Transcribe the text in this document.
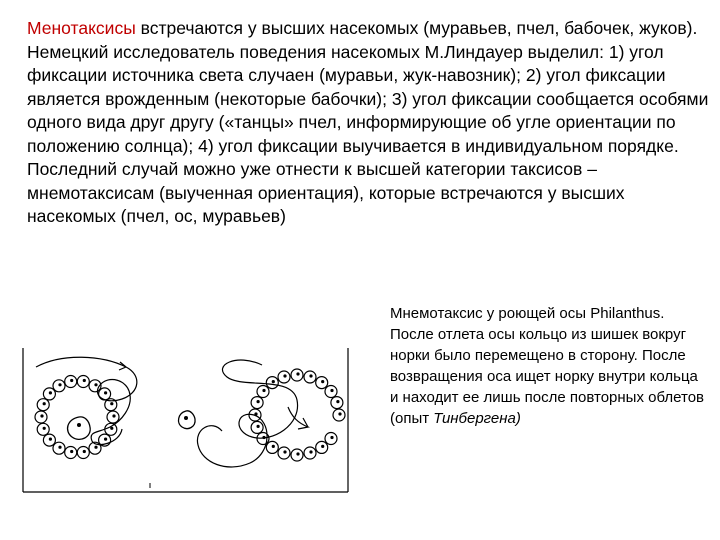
Менотаксисы встречаются у высших насекомых (муравьев, пчел, бабочек, жуков). Немецкий исследователь поведения насекомых М.Линдауер выделил: 1) угол фиксации источника света случаен (муравьи, жук-навозник); 2) угол фиксации является врожденным (некоторые бабочки); 3) угол фиксации сообщается особями одного вида друг другу («танцы» пчел, информирующие об угле ориентации по положению солнца); 4) угол фиксации выучивается в индивидуальном порядке. Последний случай можно уже отнести к высшей категории таксисов – мнемотаксисам (выученная ориентация), которые встречаются у высших насекомых (пчел, ос, муравьев)

Мнемотаксис у роющей осы Philanthus. После отлета осы кольцо из шишек вокруг норки было перемещено в сторону. После возвращения оса ищет норку внутри кольца и находит ее лишь после повторных облетов (опыт Тинбергена)
